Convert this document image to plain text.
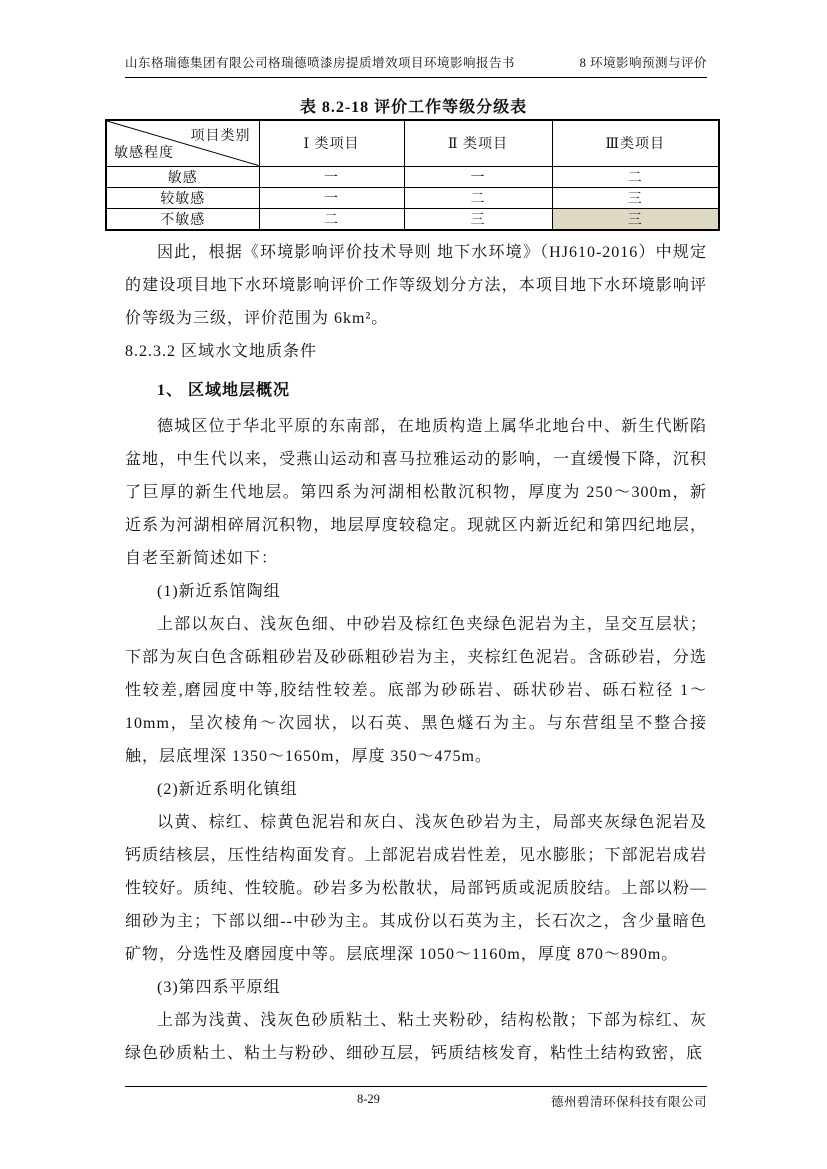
山东格瑞德集团有限公司格瑞德喷漆房提质增效项目环境影响报告书	8 环境影响预测与评价
表 8.2-18 评价工作等级分级表
项目类别
敏感程度	Ⅰ 类项目	Ⅱ 类项目	Ⅲ类项目
敏感	一	一	二
较敏感	一	二	三
不敏感	二	三	三

因此，根据《环境影响评价技术导则 地下水环境》（HJ610-2016）中规定的建设项目地下水环境影响评价工作等级划分方法，本项目地下水环境影响评价等级为三级，评价范围为 6km²。

8.2.3.2 区域水文地质条件
1、 区域地层概况

德城区位于华北平原的东南部，在地质构造上属华北地台中、新生代断陷盆地，中生代以来，受燕山运动和喜马拉雅运动的影响，一直缓慢下降，沉积了巨厚的新生代地层。第四系为河湖相松散沉积物，厚度为 250～300m，新近系为河湖相碎屑沉积物，地层厚度较稳定。现就区内新近纪和第四纪地层，自老至新简述如下：

(1)新近系馆陶组

上部以灰白、浅灰色细、中砂岩及棕红色夹绿色泥岩为主，呈交互层状；下部为灰白色含砾粗砂岩及砂砾粗砂岩为主，夹棕红色泥岩。含砾砂岩，分选性较差,磨园度中等,胶结性较差。底部为砂砾岩、砾状砂岩、砾石粒径 1～10mm，呈次棱角～次园状，以石英、黑色燧石为主。与东营组呈不整合接触，层底埋深 1350～1650m，厚度 350～475m。

(2)新近系明化镇组

以黄、棕红、棕黄色泥岩和灰白、浅灰色砂岩为主，局部夹灰绿色泥岩及钙质结核层，压性结构面发育。上部泥岩成岩性差，见水膨胀；下部泥岩成岩性较好。质纯、性较脆。砂岩多为松散状，局部钙质或泥质胶结。上部以粉—细砂为主；下部以细--中砂为主。其成份以石英为主，长石次之，含少量暗色矿物，分选性及磨园度中等。层底埋深 1050～1160m，厚度 870～890m。

(3)第四系平原组

上部为浅黄、浅灰色砂质粘土、粘土夹粉砂，结构松散；下部为棕红、灰绿色砂质粘土、粘土与粉砂、细砂互层，钙质结核发育，粘性土结构致密，底

8-29	德州碧清环保科技有限公司
